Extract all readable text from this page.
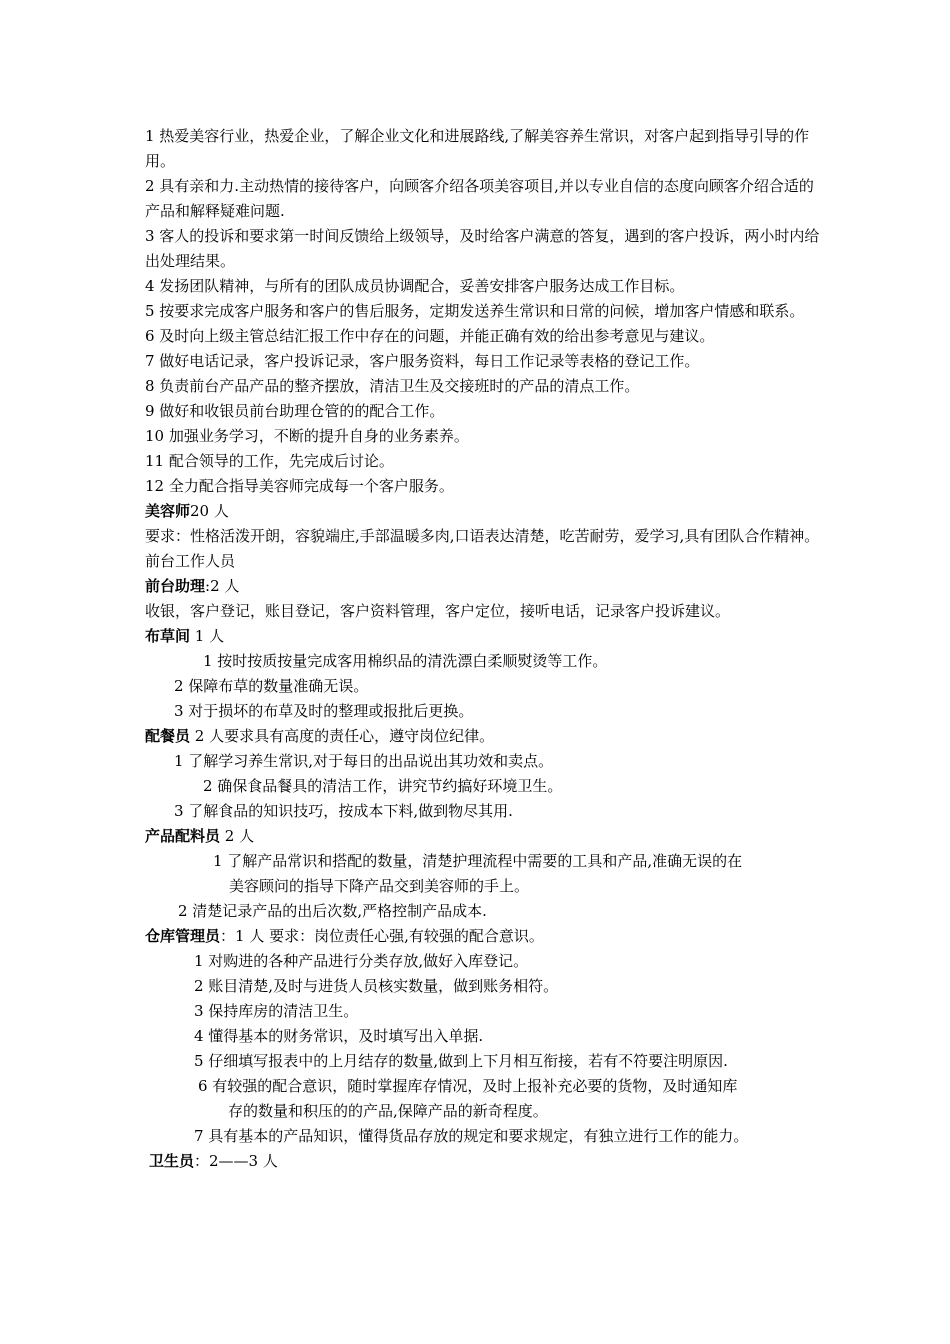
1 热爱美容行业，热爱企业，了解企业文化和进展路线,了解美容养生常识，对客户起到指导引导的作用。

2 具有亲和力.主动热情的接待客户，向顾客介绍各项美容项目,并以专业自信的态度向顾客介绍合适的产品和解释疑难问题.

3 客人的投诉和要求第一时间反馈给上级领导，及时给客户满意的答复，遇到的客户投诉，两小时内给出处理结果。

4 发扬团队精神，与所有的团队成员协调配合，妥善安排客户服务达成工作目标。

5 按要求完成客户服务和客户的售后服务，定期发送养生常识和日常的问候，增加客户情感和联系。

6 及时向上级主管总结汇报工作中存在的问题，并能正确有效的给出参考意见与建议。

7 做好电话记录，客户投诉记录，客户服务资料，每日工作记录等表格的登记工作。

8 负责前台产品产品的整齐摆放，清洁卫生及交接班时的产品的清点工作。

9 做好和收银员前台助理仓管的的配合工作。

10 加强业务学习，不断的提升自身的业务素养。

11 配合领导的工作，先完成后讨论。

12 全力配合指导美容师完成每一个客户服务。

美容师20 人

要求：性格活泼开朗，容貌端庄,手部温暖多肉,口语表达清楚，吃苦耐劳，爱学习,具有团队合作精神。

前台工作人员

前台助理:2 人

收银，客户登记，账目登记，客户资料管理，客户定位，接听电话，记录客户投诉建议。

布草间 1 人

1 按时按质按量完成客用棉织品的清洗漂白柔顺熨烫等工作。

2 保障布草的数量准确无误。

3 对于损坏的布草及时的整理或报批后更换。

配餐员 2 人要求具有高度的责任心，遵守岗位纪律。

1 了解学习养生常识,对于每日的出品说出其功效和卖点。

2 确保食品餐具的清洁工作，讲究节约搞好环境卫生。

3 了解食品的知识技巧，按成本下料,做到物尽其用.

产品配料员 2 人

1 了解产品常识和搭配的数量，清楚护理流程中需要的工具和产品,准确无误的在

美容顾问的指导下降产品交到美容师的手上。

2 清楚记录产品的出后次数,严格控制产品成本.

仓库管理员：1 人 要求：岗位责任心强,有较强的配合意识。

1 对购进的各种产品进行分类存放,做好入库登记。

2 账目清楚,及时与进货人员核实数量，做到账务相符。

3 保持库房的清洁卫生。

4 懂得基本的财务常识，及时填写出入单据.

5 仔细填写报表中的上月结存的数量,做到上下月相互衔接，若有不符要注明原因.

6 有较强的配合意识，随时掌握库存情况，及时上报补充必要的货物，及时通知库

存的数量和积压的的产品,保障产品的新奇程度。

7 具有基本的产品知识，懂得货品存放的规定和要求规定，有独立进行工作的能力。

卫生员：2——3 人
